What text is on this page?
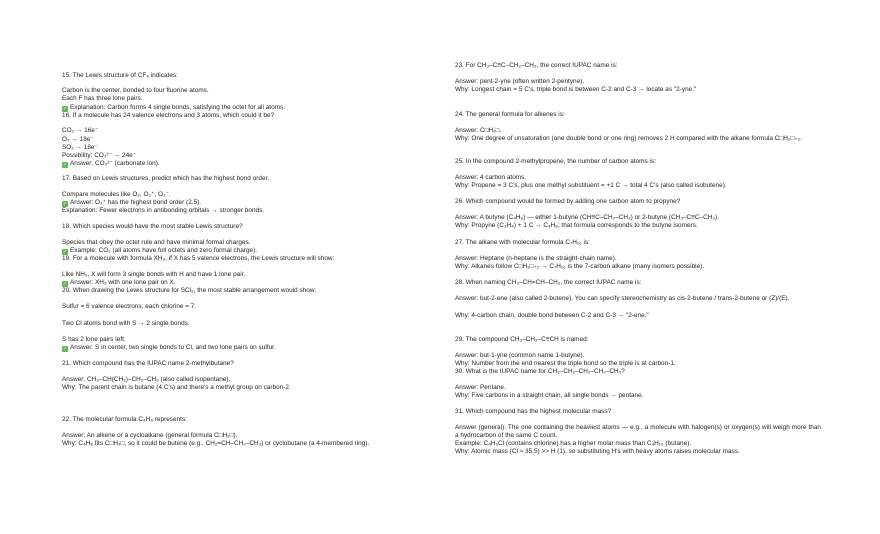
15. The Lewis structure of CF₄ indicates:
Carbon is the center, bonded to four fluorine atoms.
Each F has three lone pairs.
✓ Explanation: Carbon forms 4 single bonds, satisfying the octet for all atoms.
16. If a molecule has 24 valence electrons and 3 atoms, which could it be?
CO₂ → 16e⁻
O₃ → 18e⁻
SO₂ → 18e⁻
Possibility: CO₃²⁻ → 24e⁻
✓ Answer: CO₃²⁻ (carbonate ion).
17. Based on Lewis structures, predict which has the highest bond order.
Compare molecules like O₂, O₂⁺, O₂⁻.
✓ Answer: O₂⁺ has the highest bond order (2.5).
Explanation: Fewer electrons in antibonding orbitals → stronger bonds.
18. Which species would have the most stable Lewis structure?
Species that obey the octet rule and have minimal formal charges.
✓ Example: CO₂ (all atoms have full octets and zero formal charge).
19. For a molecule with formula XH₃, if X has 5 valence electrons, the Lewis structure will show:
Like NH₃, X will form 3 single bonds with H and have 1 lone pair.
✓ Answer: XH₃ with one lone pair on X.
20. When drawing the Lewis structure for SCl₂, the most stable arrangement would show:
Sulfur = 6 valence electrons; each chlorine = 7.
Two Cl atoms bond with S → 2 single bonds.
S has 2 lone pairs left.
✓ Answer: S in center, two single bonds to Cl, and two lone pairs on sulfur.
21. Which compound has the IUPAC name 2-methylbutane?
Answer: CH₃–CH(CH₃)–CH₂–CH₃ (also called isopentane).
Why: The parent chain is butane (4 C's) and there's a methyl group on carbon-2.
22. The molecular formula C₄H₈ represents:
Answer: An alkene or a cycloalkane (general formula C□H₂□).
Why: C₄H₈ fits C□H₂□, so it could be butene (e.g., CH₂=CH–CH₂–CH₃) or cyclobutane (a 4-membered ring).
23. For CH₃–C≡C–CH₂–CH₃, the correct IUPAC name is:
Answer: pent-2-yne (often written 2-pentyne).
Why: Longest chain = 5 C's, triple bond is between C-2 and C-3 → locate as "2-yne."
24. The general formula for alkenes is:
Answer: C□H₂□.
Why: One degree of unsaturation (one double bond or one ring) removes 2 H compared with the alkane formula C□H₂□₊₂.
25. In the compound 2-methylpropene, the number of carbon atoms is:
Answer: 4 carbon atoms.
Why: Propene = 3 C's, plus one methyl substituent = +1 C → total 4 C's (also called isobutene).
26. Which compound would be formed by adding one carbon atom to propyne?
Answer: A butyne (C₄H₆) — either 1-butyne (CH≡C–CH₂–CH₃) or 2-butyne (CH₃–C≡C–CH₃).
Why: Propyne (C₃H₄) + 1 C → C₄H₆; that formula corresponds to the butyne isomers.
27. The alkane with molecular formula C₇H₁₆ is:
Answer: Heptane (n-heptane is the straight-chain name).
Why: Alkanes follow C□H₂□₊₂ → C₇H₁₆ is the 7-carbon alkane (many isomers possible).
28. When naming CH₃–CH=CH–CH₃, the correct IUPAC name is:
Answer: but-2-ene (also called 2-butene). You can specify stereochemistry as cis-2-butene / trans-2-butene or (Z)/(E).
Why: 4-carbon chain, double bond between C-2 and C-3 → "2-ene."
29. The compound CH₃–CH₂–C≡CH is named:
Answer: but-1-yne (common name 1-butyne).
Why: Number from the end nearest the triple bond so the triple is at carbon-1.
30. What is the IUPAC name for CH₃–CH₂–CH₂–CH₂–CH₃?
Answer: Pentane.
Why: Five carbons in a straight chain, all single bonds → pentane.
31. Which compound has the highest molecular mass?
Answer (general): The one containing the heaviest atoms — e.g., a molecule with halogen(s) or oxygen(s) will weigh more than a hydrocarbon of the same C count.
Example: C₄H₉Cl (contains chlorine) has a higher molar mass than C₄H₁₀ (butane).
Why: Atomic mass (Cl ≈ 35.5) >> H (1), so substituting H's with heavy atoms raises molecular mass.
